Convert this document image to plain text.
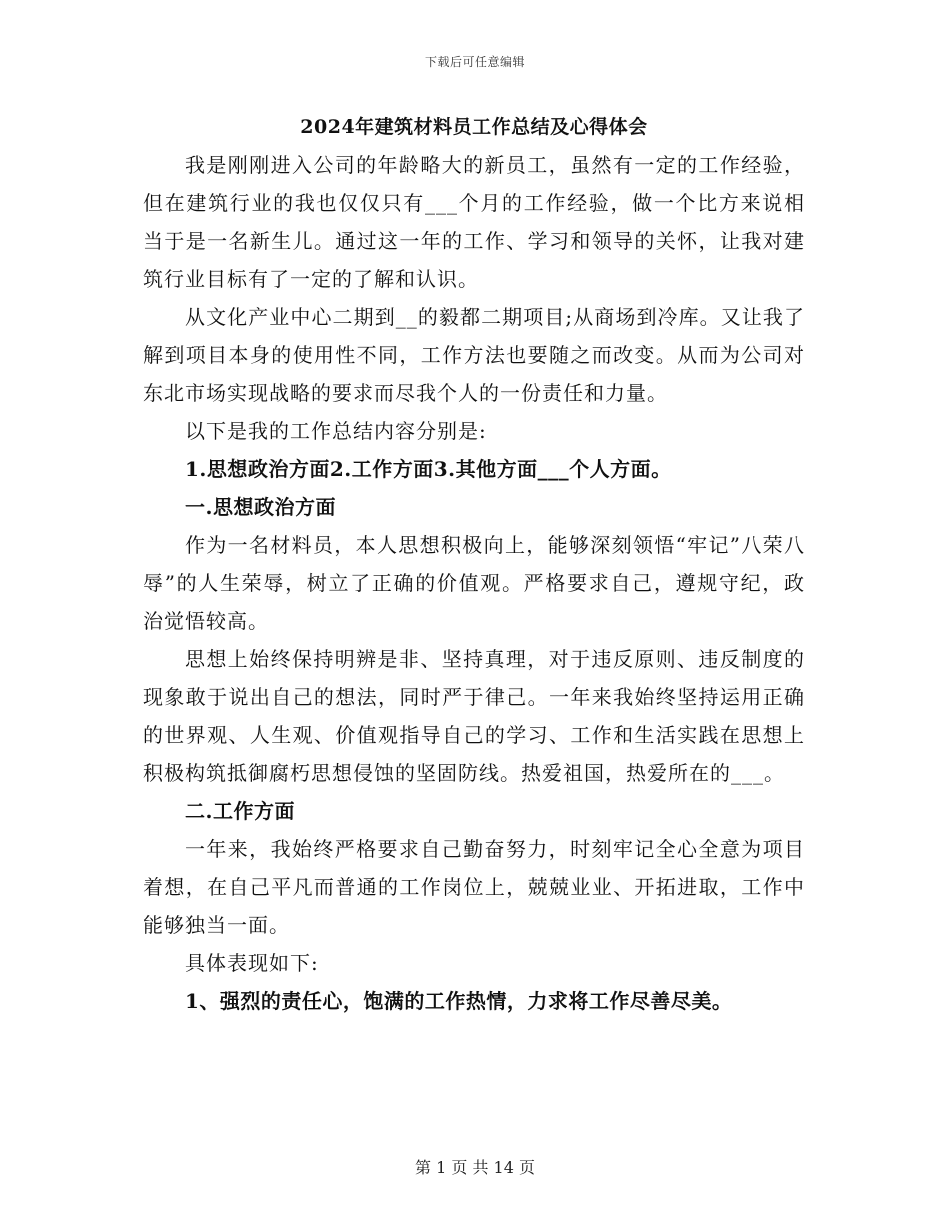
下载后可任意编辑
2024年建筑材料员工作总结及心得体会

我是刚刚进入公司的年龄略大的新员工，虽然有一定的工作经验，但在建筑行业的我也仅仅只有___个月的工作经验，做一个比方来说相当于是一名新生儿。通过这一年的工作、学习和领导的关怀，让我对建筑行业目标有了一定的了解和认识。

从文化产业中心二期到__的毅都二期项目;从商场到冷库。又让我了解到项目本身的使用性不同，工作方法也要随之而改变。从而为公司对东北市场实现战略的要求而尽我个人的一份责任和力量。

以下是我的工作总结内容分别是:

1.思想政治方面2.工作方面3.其他方面___个人方面。

一.思想政治方面

作为一名材料员，本人思想积极向上，能够深刻领悟“牢记”八荣八辱”的人生荣辱，树立了正确的价值观。严格要求自己，遵规守纪，政治觉悟较高。

思想上始终保持明辨是非、坚持真理，对于违反原则、违反制度的现象敢于说出自己的想法，同时严于律己。一年来我始终坚持运用正确的世界观、人生观、价值观指导自己的学习、工作和生活实践在思想上积极构筑抵御腐朽思想侵蚀的坚固防线。热爱祖国，热爱所在的___。

二.工作方面

一年来，我始终严格要求自己勤奋努力，时刻牢记全心全意为项目着想，在自己平凡而普通的工作岗位上，兢兢业业、开拓进取，工作中能够独当一面。

具体表现如下:

1、强烈的责任心，饱满的工作热情，力求将工作尽善尽美。

第 1 页 共 14 页
